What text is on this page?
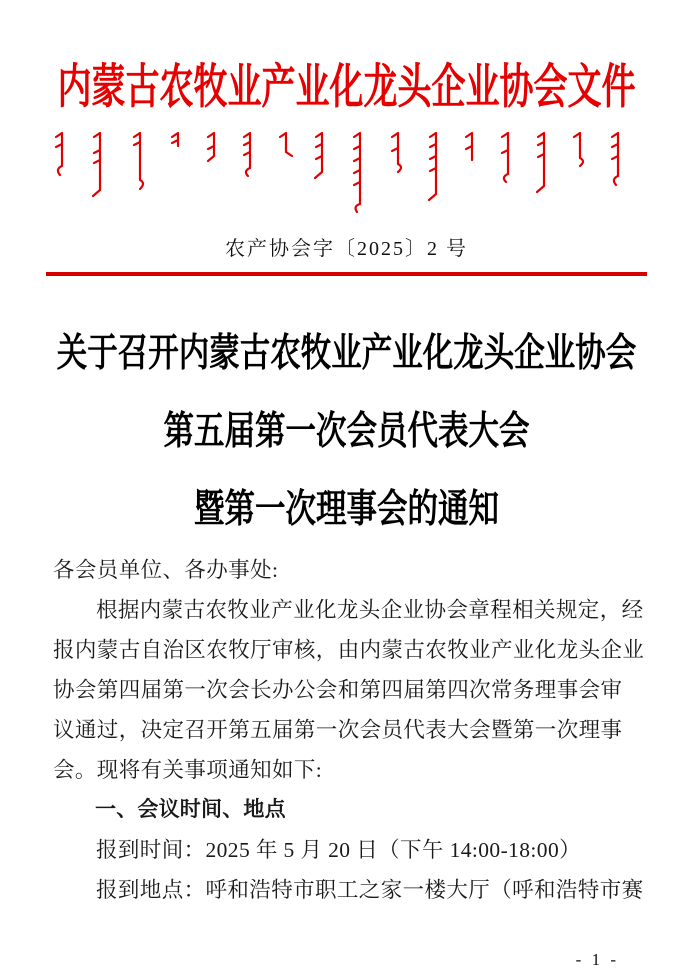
内蒙古农牧业产业化龙头企业协会文件
农产协会字〔2025〕2 号
关于召开内蒙古农牧业产业化龙头企业协会
第五届第一次会员代表大会
暨第一次理事会的通知
各会员单位、各办事处:
根据内蒙古农牧业产业化龙头企业协会章程相关规定，经
报内蒙古自治区农牧厅审核，由内蒙古农牧业产业化龙头企业
协会第四届第一次会长办公会和第四届第四次常务理事会审
议通过，决定召开第五届第一次会员代表大会暨第一次理事
会。现将有关事项通知如下:
一、会议时间、地点
报到时间：2025 年 5 月 20 日（下午 14:00-18:00）
报到地点：呼和浩特市职工之家一楼大厅（呼和浩特市赛
- 1 -
